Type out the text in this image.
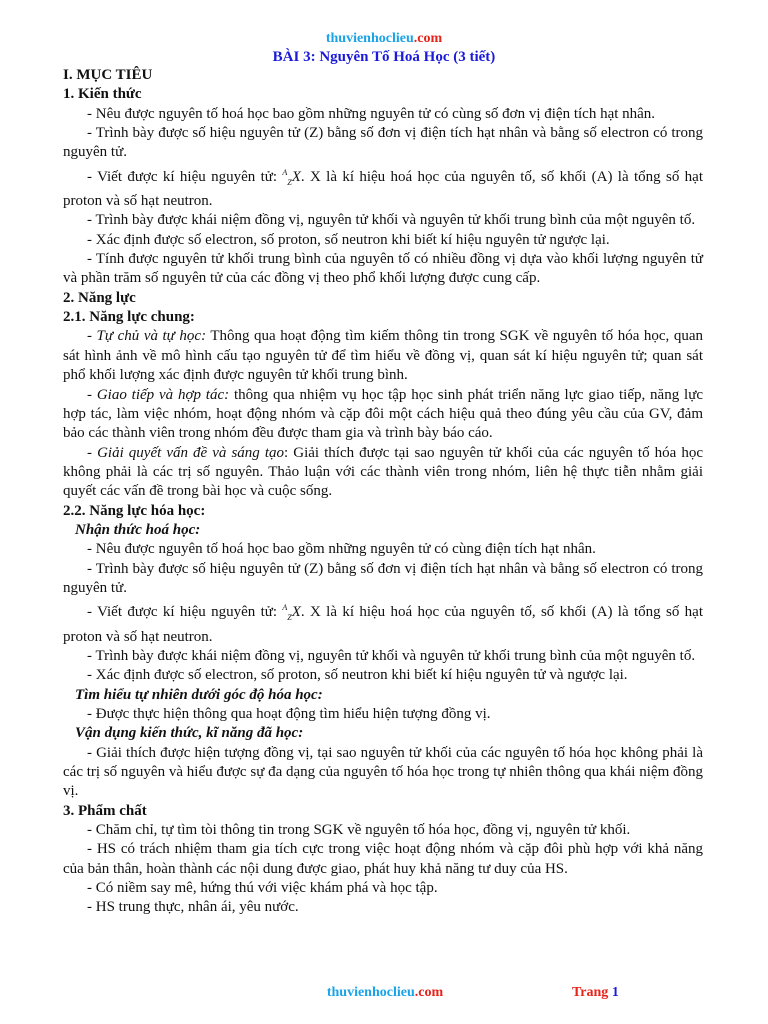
thuvienhoclieu.com
BÀI 3: Nguyên Tố Hoá Học (3 tiết)

I. MỤC TIÊU

1. Kiến thức

- Nêu được nguyên tố hoá học bao gồm những nguyên tử có cùng số đơn vị điện tích hạt nhân.

- Trình bày được số hiệu nguyên tử (Z) bằng số đơn vị điện tích hạt nhân và bằng số electron có trong nguyên tử.

- Viết được kí hiệu nguyên tử: $^A_Z$X. X là kí hiệu hoá học của nguyên tố, số khối (A) là tổng số hạt proton và số hạt neutron.

- Trình bày được khái niệm đồng vị, nguyên tử khối và nguyên tử khối trung bình của một nguyên tố.

- Xác định được số electron, số proton, số neutron khi biết kí hiệu nguyên tử ngược lại.

- Tính được nguyên tử khối trung bình của nguyên tố có nhiều đồng vị dựa vào khối lượng nguyên tử và phần trăm số nguyên tử của các đồng vị theo phổ khối lượng được cung cấp.

2. Năng lực

2.1. Năng lực chung:

- Tự chủ và tự học: Thông qua hoạt động tìm kiếm thông tin trong SGK về nguyên tố hóa học, quan sát hình ảnh về mô hình cấu tạo nguyên tử để tìm hiểu về đồng vị, quan sát kí hiệu nguyên tử; quan sát phổ khối lượng xác định được nguyên tử khối trung bình.

- Giao tiếp và hợp tác: thông qua nhiệm vụ học tập học sinh phát triển năng lực giao tiếp, năng lực hợp tác, làm việc nhóm, hoạt động nhóm và cặp đôi một cách hiệu quả theo đúng yêu cầu của GV, đảm bảo các thành viên trong nhóm đều được tham gia và trình bày báo cáo.

- Giải quyết vấn đề và sáng tạo: Giải thích được tại sao nguyên tử khối của các nguyên tố hóa học không phải là các trị số nguyên. Thảo luận với các thành viên trong nhóm, liên hệ thực tiễn nhằm giải quyết các vấn đề trong bài học và cuộc sống.

2.2. Năng lực hóa học:

Nhận thức hoá học:

- Nêu được nguyên tố hoá học bao gồm những nguyên tử có cùng điện tích hạt nhân.

- Trình bày được số hiệu nguyên tử (Z) bằng số đơn vị điện tích hạt nhân và bằng số electron có trong nguyên tử.

- Viết được kí hiệu nguyên tử: $^A_Z$X. X là kí hiệu hoá học của nguyên tố, số khối (A) là tổng số hạt proton và số hạt neutron.

- Trình bày được khái niệm đồng vị, nguyên tử khối và nguyên tử khối trung bình của một nguyên tố.

- Xác định được số electron, số proton, số neutron khi biết kí hiệu nguyên tử và ngược lại.

Tìm hiểu tự nhiên dưới góc độ hóa học:

- Được thực hiện thông qua hoạt động tìm hiểu hiện tượng đồng vị.

Vận dụng kiến thức, kĩ năng đã học:

- Giải thích được hiện tượng đồng vị, tại sao nguyên tử khối của các nguyên tố hóa học không phải là các trị số nguyên và hiểu được sự đa dạng của nguyên tố hóa học trong tự nhiên thông qua khái niệm đồng vị.

3. Phẩm chất

- Chăm chỉ, tự tìm tòi thông tin trong SGK về nguyên tố hóa học, đồng vị, nguyên tử khối.

- HS có trách nhiệm tham gia tích cực trong việc hoạt động nhóm và cặp đôi phù hợp với khả năng của bản thân, hoàn thành các nội dung được giao, phát huy khả năng tư duy của HS.

- Có niềm say mê, hứng thú với việc khám phá và học tập.

- HS trung thực, nhân ái, yêu nước.

thuvienhoclieu.com	Trang 1
